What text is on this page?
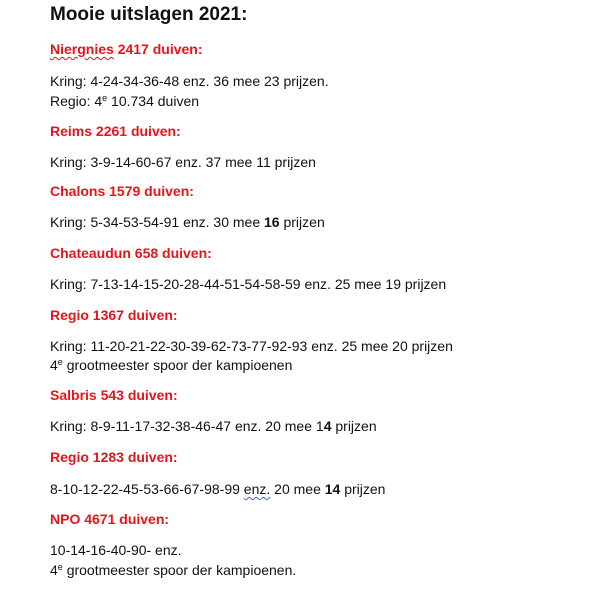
Mooie uitslagen 2021:

Niergnies 2417 duiven:

Kring: 4-24-34-36-48 enz. 36 mee 23 prijzen.

Regio: 4e 10.734 duiven

Reims 2261 duiven:

Kring: 3-9-14-60-67 enz. 37 mee 11 prijzen

Chalons 1579 duiven:

Kring: 5-34-53-54-91 enz. 30 mee 16 prijzen

Chateaudun 658 duiven:

Kring: 7-13-14-15-20-28-44-51-54-58-59 enz. 25 mee 19 prijzen

Regio 1367 duiven:

Kring: 11-20-21-22-30-39-62-73-77-92-93 enz. 25 mee 20 prijzen

4e grootmeester spoor der kampioenen

Salbris 543 duiven:

Kring: 8-9-11-17-32-38-46-47 enz. 20 mee 14 prijzen

Regio 1283 duiven:

8-10-12-22-45-53-66-67-98-99 enz. 20 mee 14 prijzen

NPO 4671 duiven:

10-14-16-40-90- enz.

4e grootmeester spoor der kampioenen.
